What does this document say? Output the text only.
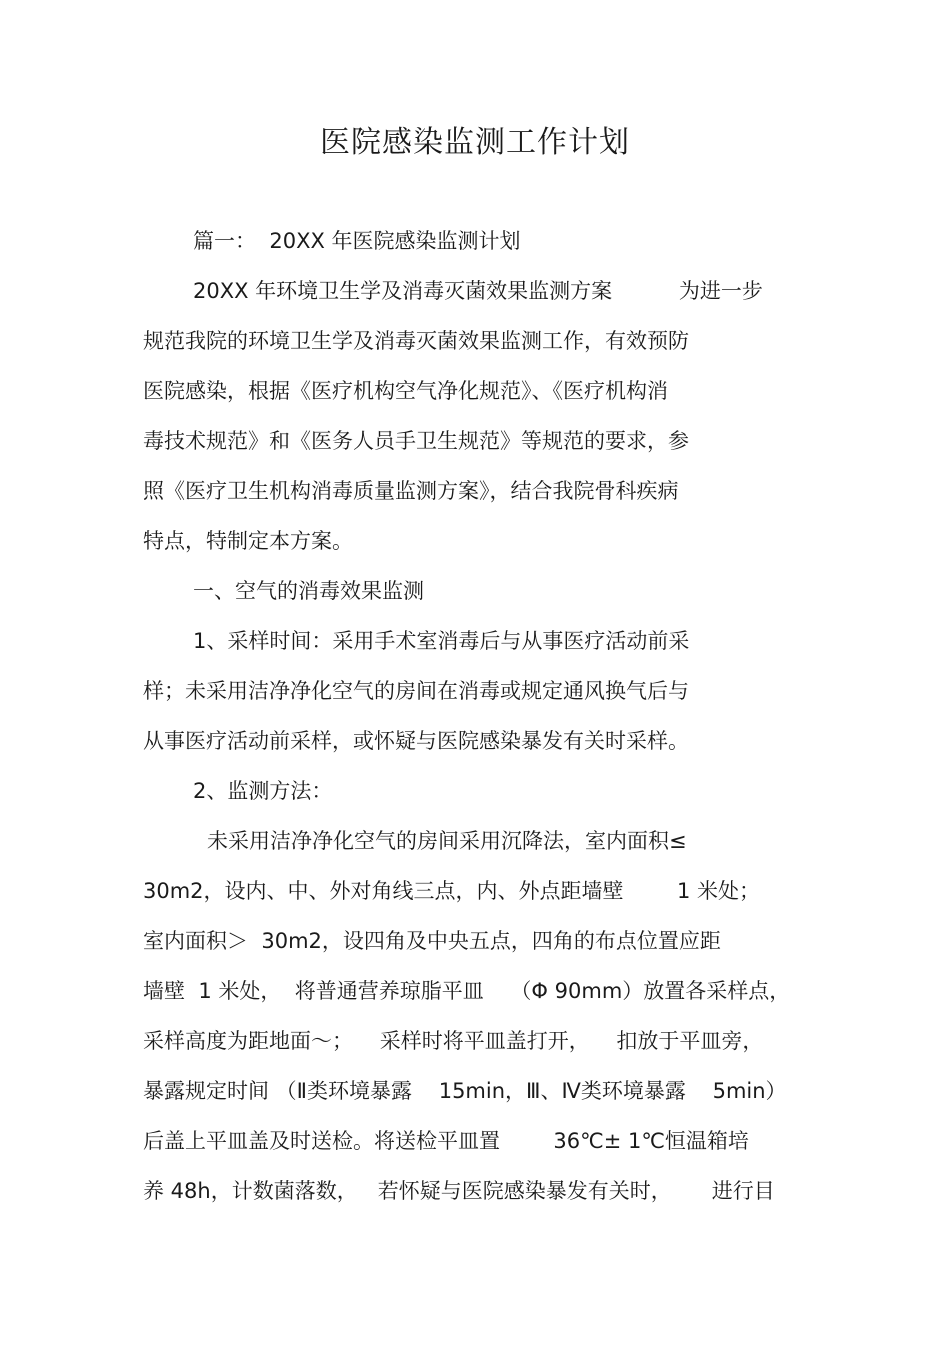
医院感染监测工作计划

篇一：  20XX 年医院感染监测计划

20XX 年环境卫生学及消毒灭菌效果监测方案          为进一步

规范我院的环境卫生学及消毒灭菌效果监测工作，有效预防

医院感染，根据《医疗机构空气净化规范》、《医疗机构消

毒技术规范》和《医务人员手卫生规范》等规范的要求，参

照《医疗卫生机构消毒质量监测方案》，结合我院骨科疾病

特点，特制定本方案。

一、空气的消毒效果监测

1、采样时间：采用手术室消毒后与从事医疗活动前采

样；未采用洁净净化空气的房间在消毒或规定通风换气后与

从事医疗活动前采样，或怀疑与医院感染暴发有关时采样。

2、监测方法：

未采用洁净净化空气的房间采用沉降法，室内面积≤

30m2，设内、中、外对角线三点，内、外点距墙壁        1 米处；

室内面积＞  30m2，设四角及中央五点，四角的布点位置应距

墙壁  1 米处，  将普通营养琼脂平皿    （Φ 90mm）放置各采样点，

采样高度为距地面～；    采样时将平皿盖打开，    扣放于平皿旁，

暴露规定时间 （Ⅱ类环境暴露    15min，Ⅲ、Ⅳ类环境暴露    5min）

后盖上平皿盖及时送检。将送检平皿置        36℃± 1℃恒温箱培

养 48h，计数菌落数，   若怀疑与医院感染暴发有关时，      进行目
